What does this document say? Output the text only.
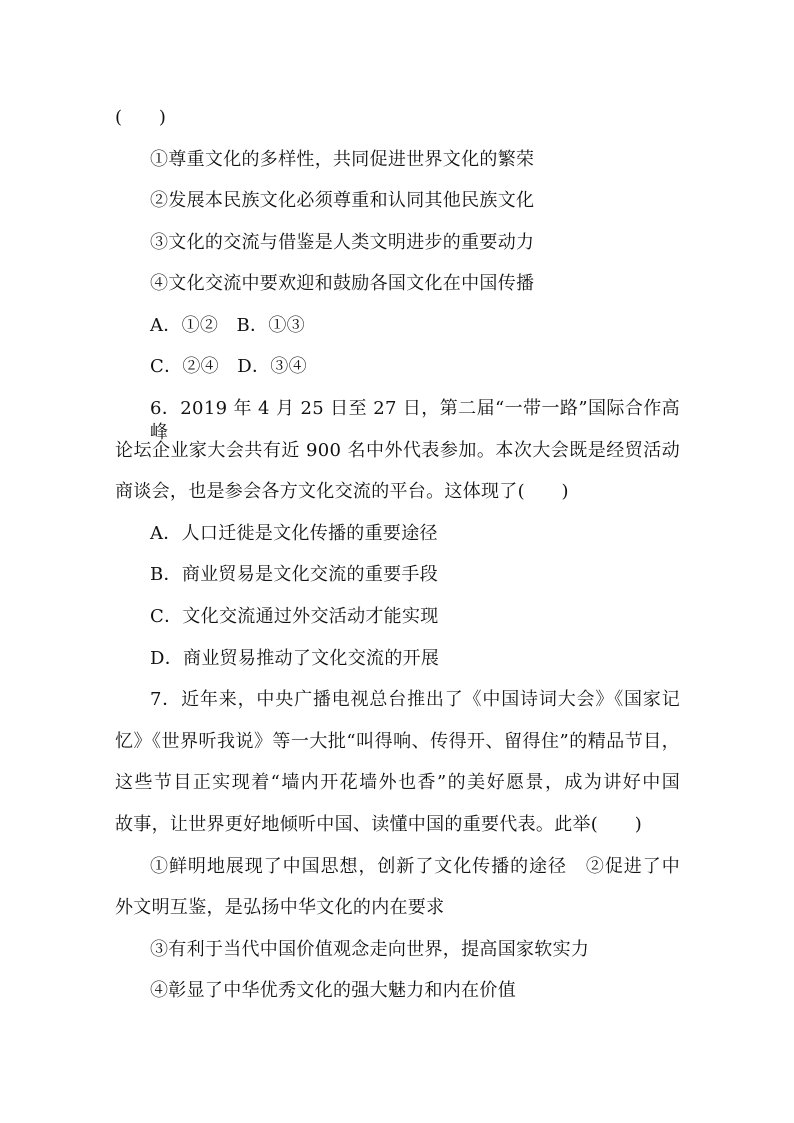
(　　)
①尊重文化的多样性，共同促进世界文化的繁荣
②发展本民族文化必须尊重和认同其他民族文化
③文化的交流与借鉴是人类文明进步的重要动力
④文化交流中要欢迎和鼓励各国文化在中国传播
A．①②　B．①③
C．②④　D．③④
6．2019 年 4 月 25 日至 27 日，第二届“一带一路”国际合作高峰
论坛企业家大会共有近 900 名中外代表参加。本次大会既是经贸活动
商谈会，也是参会各方文化交流的平台。这体现了(　　)
A．人口迁徙是文化传播的重要途径
B．商业贸易是文化交流的重要手段
C．文化交流通过外交活动才能实现
D．商业贸易推动了文化交流的开展
7．近年来，中央广播电视总台推出了《中国诗词大会》《国家记
忆》《世界听我说》等一大批“叫得响、传得开、留得住”的精品节目，
这些节目正实现着“墙内开花墙外也香”的美好愿景，成为讲好中国
故事，让世界更好地倾听中国、读懂中国的重要代表。此举(　　)
①鲜明地展现了中国思想，创新了文化传播的途径　②促进了中
外文明互鉴，是弘扬中华文化的内在要求
③有利于当代中国价值观念走向世界，提高国家软实力
④彰显了中华优秀文化的强大魅力和内在价值
